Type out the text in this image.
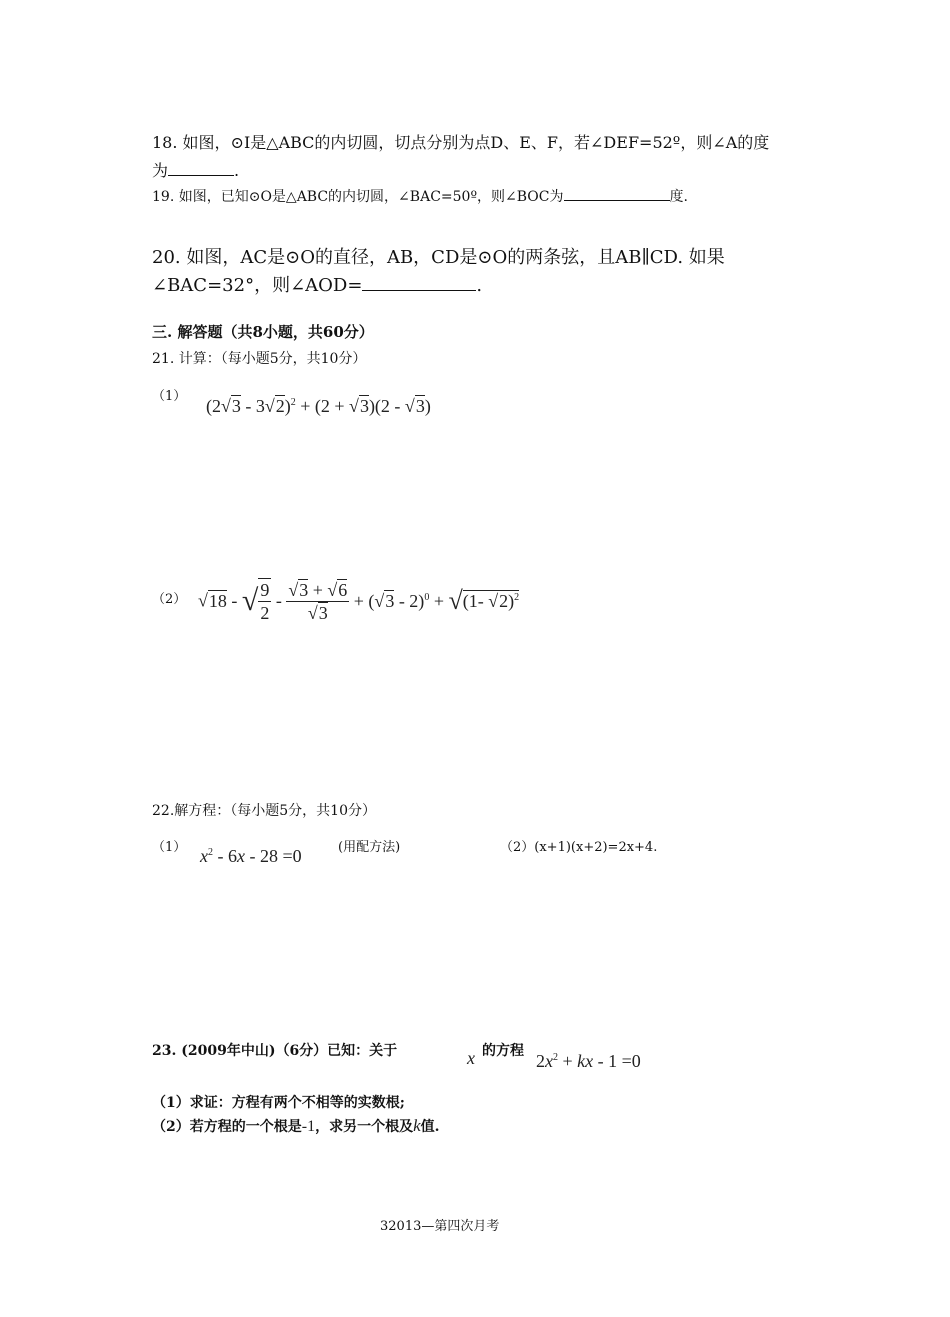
18. 如图，⊙I是△ABC的内切圆，切点分别为点D、E、F，若∠DEF=52º，则∠A的度
为	.
19. 如图，已知⊙O是△ABC的内切圆，∠BAC=50º，则∠BOC为	度.
20. 如图，AC是⊙O的直径，AB，CD是⊙O的两条弦，且AB∥CD. 如果
∠BAC=32°，则∠AOD=	.
三. 解答题（共8小题，共60分）
21. 计算：（每小题5分，共10分）
（1） (2√3 - 3√2)$^2$ + (2 + √3)(2 - √3)
（2） √18 - √ $\frac{9}{2} - \frac{√3 + √6}{√3} + (√3 - 2)^0 + √(1-$ √2)$^2$
22.解方程：（每小题5分，共10分）
（1） $x^2 - 6x - 28 =0$	(用配方法)	（2）(x+1)(x+2)=2x+4.
23. (2009年中山)（6分）已知：关于	x 的方程 $2x^2$ + kx - 1 =0
（1）求证：方程有两个不相等的实数根;
（2）若方程的一个根是-1，求另一个根及k值.
32013—第四次月考
